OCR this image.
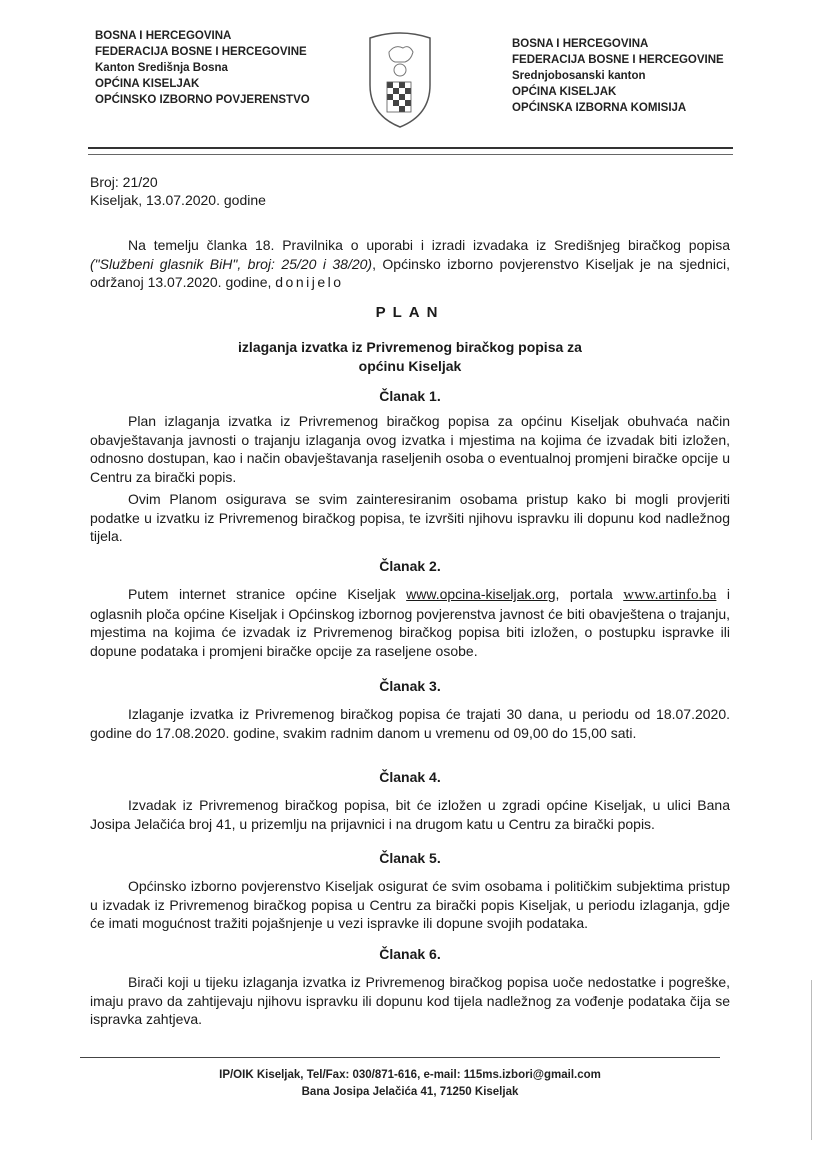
BOSNA I HERCEGOVINA
FEDERACIJA BOSNE I HERCEGOVINE
Kanton Središnja Bosna
OPĆINA KISELJAK
OPĆINSKO IZBORNO POVJERENSTVO
BOSNA I HERCEGOVINA
FEDERACIJA BOSNE I HERCEGOVINE
Srednjobosanski kanton
OPĆINA KISELJAK
OPĆINSKA IZBORNA KOMISIJA
Broj: 21/20
Kiseljak, 13.07.2020. godine
Na temelju članka 18. Pravilnika o uporabi i izradi izvadaka iz Središnjeg biračkog popisa ("Službeni glasnik BiH", broj: 25/20 i 38/20), Općinsko izborno povjerenstvo Kiseljak je na sjednici, održanoj 13.07.2020. godine, donijelo
PLAN
izlaganja izvatka iz Privremenog biračkog popisa za
općinu Kiseljak
Članak 1.
Plan izlaganja izvatka iz Privremenog biračkog popisa za općinu Kiseljak obuhvaća način obavještavanja javnosti o trajanju izlaganja ovog izvatka i mjestima na kojima će izvadak biti izložen, odnosno dostupan, kao i način obavještavanja raseljenih osoba o eventualnoj promjeni biračke opcije u Centru za birački popis.
Ovim Planom osigurava se svim zainteresiranim osobama pristup kako bi mogli provjeriti podatke u izvatku iz Privremenog biračkog popisa, te izvršiti njihovu ispravku ili dopunu kod nadležnog tijela.
Članak 2.
Putem internet stranice općine Kiseljak www.opcina-kiseljak.org, portala www.artinfo.ba i oglasnih ploča općine Kiseljak i Općinskog izbornog povjerenstva javnost će biti obavještena o trajanju, mjestima na kojima će izvadak iz Privremenog biračkog popisa biti izložen, o postupku ispravke ili dopune podataka i promjeni biračke opcije za raseljene osobe.
Članak 3.
Izlaganje izvatka iz Privremenog biračkog popisa će trajati 30 dana, u periodu od 18.07.2020. godine do 17.08.2020. godine, svakim radnim danom u vremenu od 09,00 do 15,00 sati.
Članak 4.
Izvadak iz Privremenog biračkog popisa, bit će izložen u zgradi općine Kiseljak, u ulici Bana Josipa Jelačića broj 41, u prizemlju na prijavnici i na drugom katu u Centru za birački popis.
Članak 5.
Općinsko izborno povjerenstvo Kiseljak osigurat će svim osobama i političkim subjektima pristup u izvadak iz Privremenog biračkog popisa u Centru za birački popis Kiseljak, u periodu izlaganja, gdje će imati mogućnost tražiti pojašnjenje u vezi ispravke ili dopune svojih podataka.
Članak 6.
Birači koji u tijeku izlaganja izvatka iz Privremenog biračkog popisa uoče nedostatke i pogreške, imaju pravo da zahtijevaju njihovu ispravku ili dopunu kod tijela nadležnog za vođenje podataka čija se ispravka zahtjeva.
IP/OIK Kiseljak, Tel/Fax: 030/871-616, e-mail: 115ms.izbori@gmail.com
Bana Josipa Jelačića 41, 71250 Kiseljak
